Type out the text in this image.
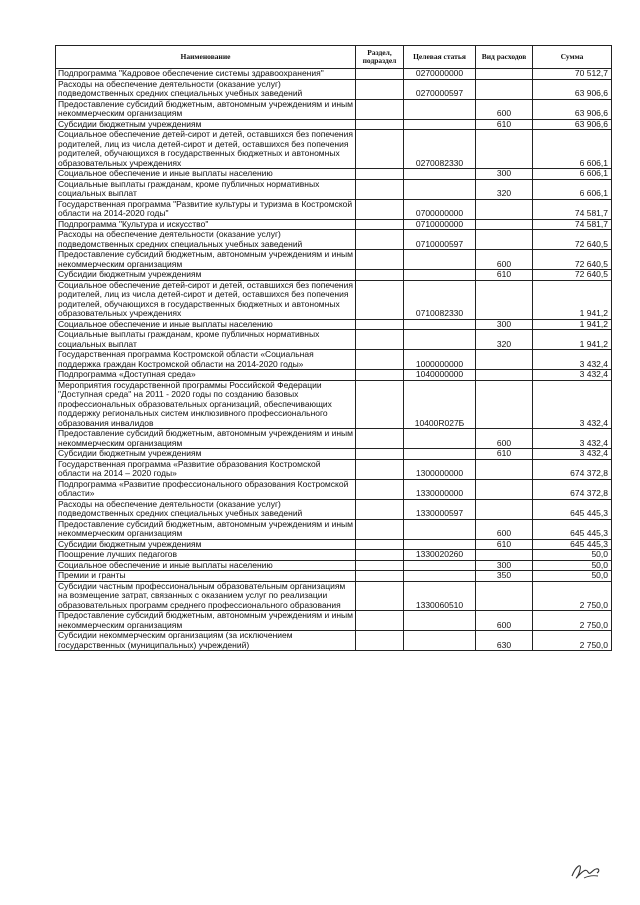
Наименование	Раздел, подраздел	Целевая статья	Вид расходов	Сумма
Подпрограмма "Кадровое обеспечение системы здравоохранения"		0270000000		70 512,7
Расходы на обеспечение деятельности (оказание услуг) подведомственных средних специальных учебных заведений		0270000597		63 906,6
Предоставление субсидий бюджетным, автономным учреждениям и иным некоммерческим организациям			600	63 906,6
Субсидии бюджетным учреждениям			610	63 906,6
Социальное обеспечение детей-сирот и детей, оставшихся без попечения родителей, лиц из числа детей-сирот и детей, оставшихся без попечения родителей, обучающихся в государственных бюджетных и автономных образовательных учреждениях		0270082330		6 606,1
Социальное обеспечение и иные выплаты населению			300	6 606,1
Социальные выплаты гражданам, кроме публичных нормативных социальных выплат			320	6 606,1
Государственная программа "Развитие культуры и туризма в Костромской области на 2014-2020 годы"		0700000000		74 581,7
Подпрограмма "Культура и искусство"		0710000000		74 581,7
Расходы на обеспечение деятельности (оказание услуг) подведомственных средних специальных учебных заведений		0710000597		72 640,5
Предоставление субсидий бюджетным, автономным учреждениям и иным некоммерческим организациям			600	72 640,5
Субсидии бюджетным учреждениям			610	72 640,5
Социальное обеспечение детей-сирот и детей, оставшихся без попечения родителей, лиц из числа детей-сирот и детей, оставшихся без попечения родителей, обучающихся в государственных бюджетных и автономных образовательных учреждениях		0710082330		1 941,2
Социальное обеспечение и иные выплаты населению			300	1 941,2
Социальные выплаты гражданам, кроме публичных нормативных социальных выплат			320	1 941,2
Государственная программа Костромской области «Социальная поддержка граждан Костромской области на 2014-2020 годы»		1000000000		3 432,4
Подпрограмма «Доступная среда»		1040000000		3 432,4
Мероприятия государственной программы Российской Федерации "Доступная среда" на 2011 - 2020 годы по созданию базовых профессиональных образовательных организаций, обеспечивающих поддержку региональных систем инклюзивного профессионального образования инвалидов		10400R027Б		3 432,4
Предоставление субсидий бюджетным, автономным учреждениям и иным некоммерческим организациям			600	3 432,4
Субсидии бюджетным учреждениям			610	3 432,4
Государственная программа «Развитие образования Костромской области на 2014 – 2020 годы»		1300000000		674 372,8
Подпрограмма «Развитие профессионального образования Костромской области»		1330000000		674 372,8
Расходы на обеспечение деятельности (оказание услуг) подведомственных средних специальных учебных заведений		1330000597		645 445,3
Предоставление субсидий бюджетным, автономным учреждениям и иным некоммерческим организациям			600	645 445,3
Субсидии бюджетным учреждениям			610	645 445,3
Поощрение лучших педагогов		1330020260		50,0
Социальное обеспечение и иные выплаты населению			300	50,0
Премии и гранты			350	50,0
Субсидии частным профессиональным образовательным организациям на возмещение затрат, связанных с оказанием услуг по реализации образовательных программ среднего профессионального образования		1330060510		2 750,0
Предоставление субсидий бюджетным, автономным учреждениям и иным некоммерческим организациям			600	2 750,0
Субсидии некоммерческим организациям (за исключением государственных (муниципальных) учреждений)			630	2 750,0
